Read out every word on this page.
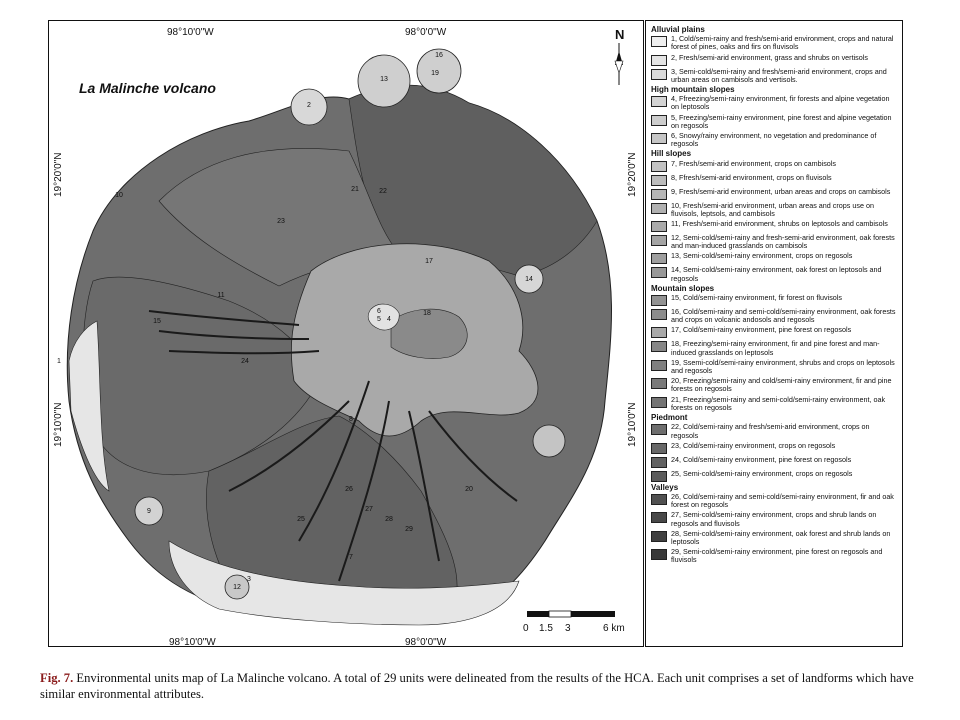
98°10'0"W	98°0'0"W
98°10'0"W	98°0'0"W
19°20'0"N
19°10'0"N
19°20'0"N
19°10'0"N
La Malinche volcano
N
0 1.5 3	6 km
1
3
7
12
13
16
19
2
21	22
23
24
17
18
8
14
4
5
9
10
11
15
25
26
27
28
29
20
6
Alluvial plains
1, Cold/semi-rainy and fresh/semi-arid environment, crops and natural forest of pines, oaks and firs on fluvisols
2, Fresh/semi-arid environment, grass and shrubs on vertisols
3, Semi-cold/semi-rainy and fresh/semi-arid environment, crops and urban areas on cambisols and vertisols.
High mountain slopes
4, Ffreezing/semi-rainy environment, fir forests and alpine vegetation on leptosols
5, Freezing/semi-rainy environment, pine forest and alpine vegetation on regosols
6, Snowy/rainy environment, no vegetation and predominance of regosols
Hill slopes
7, Fresh/semi-arid environment, crops on cambisols
8, Ffresh/semi-arid environment, crops on fluvisols
9, Fresh/semi-arid environment, urban areas and crops on cambisols
10, Fresh/semi-arid environment, urban areas and crops use on fluvisols, leptsols, and cambisols
11, Fresh/semi-arid environment, shrubs on leptosols and cambisols
12, Semi-cold/semi-rainy and fresh-semi-arid environment, oak forests and man-induced grasslands on cambisols
13, Semi-cold/semi-rainy environment, crops on regosols
14, Semi-cold/semi-rainy environment, oak forest on leptosols and regosols
Mountain slopes
15, Cold/semi-rainy environment, fir forest on fluvisols
16, Cold/semi-rainy and semi-cold/semi-rainy environment, oak forests and crops on volcanic andosols and regosols
17, Cold/semi-rainy environment, pine forest on regosols
18, Freezing/semi-rainy environment, fir and pine forest and man-induced grasslands on leptosols
19, Ssemi-cold/semi-rainy environment, shrubs and crops on leptosols and regosols
20, Freezing/semi-rainy and cold/semi-rainy environment, fir and pine forests on regosols
21, Freezing/semi-rainy and semi-cold/semi-rainy environment, oak forests on regosols
Piedmont
22, Cold/semi-rainy and fresh/semi-arid environment, crops on regosols
23, Cold/semi-rainy environment, crops on regosols
24, Cold/semi-rainy environment, pine forest on regosols
25, Semi-cold/semi-rainy environment, crops on regosols
Valleys
26, Cold/semi-rainy and semi-cold/semi-rainy environment, fir and oak forest on regosols
27, Semi-cold/semi-rainy environment, crops and shrub lands on regosols and fluvisols
28, Semi-cold/semi-rainy environment, oak forest and shrub lands on leptosols
29, Semi-cold/semi-rainy environment, pine forest on regosols and fluvisols
Fig. 7. Environmental units map of La Malinche volcano. A total of 29 units were delineated from the results of the HCA. Each unit comprises a set of landforms which have similar environmental attributes.
